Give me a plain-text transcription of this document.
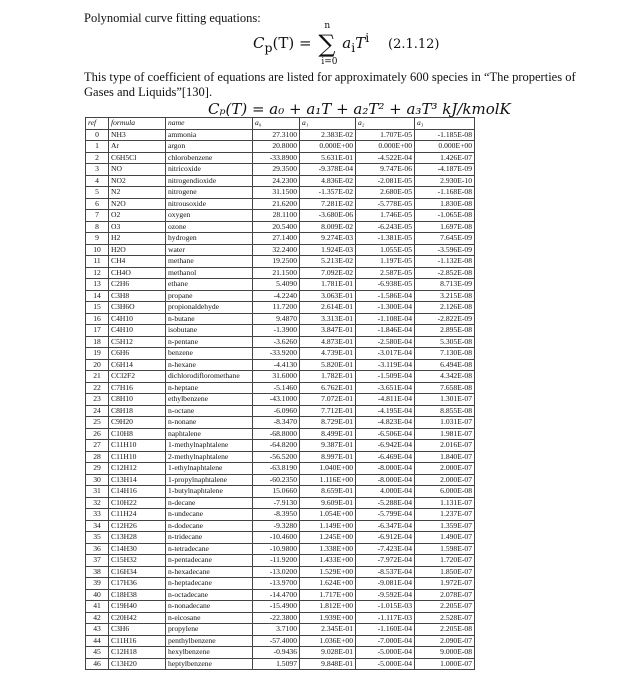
Polynomial curve fitting equations:
$C_p(T)$ = ∑
n
i=0
$a_iT^i$ (2.1.12)
This type of coefficient of equations are listed for approximately 600 species in “The properties of Gases and Liquids”[130].
Cₚ(T) = a₀ + a₁T + a₂T² + a₃T³ kJ/kmolK
ref	formula	name	a₀	a₁	a₂	a₃
0	NH3	ammonia	27.3100	2.383E-02	1.707E-05	-1.185E-08
1	Ar	argon	20.8000	0.000E+00	0.000E+00	0.000E+00
2	C6H5Cl	chlorobenzene	-33.8900	5.631E-01	-4.522E-04	1.426E-07
3	NO	nitricoxide	29.3500	-9.378E-04	9.747E-06	-4.187E-09
4	NO2	nitrogendioxide	24.2300	4.836E-02	-2.081E-05	2.930E-10
5	N2	nitrogene	31.1500	-1.357E-02	2.680E-05	-1.168E-08
6	N2O	nitrousoxide	21.6200	7.281E-02	-5.778E-05	1.830E-08
7	O2	oxygen	28.1100	-3.680E-06	1.746E-05	-1.065E-08
8	O3	ozone	20.5400	8.009E-02	-6.243E-05	1.697E-08
9	H2	hydrogen	27.1400	9.274E-03	-1.381E-05	7.645E-09
10	H2O	water	32.2400	1.924E-03	1.055E-05	-3.596E-09
11	CH4	methane	19.2500	5.213E-02	1.197E-05	-1.132E-08
12	CH4O	methanol	21.1500	7.092E-02	2.587E-05	-2.852E-08
13	C2H6	ethane	5.4090	1.781E-01	-6.938E-05	8.713E-09
14	C3H8	propane	-4.2240	3.063E-01	-1.586E-04	3.215E-08
15	C3H6O	propionaldehyde	11.7200	2.614E-01	-1.300E-04	2.126E-08
16	C4H10	n-butane	9.4870	3.313E-01	-1.108E-04	-2.822E-09
17	C4H10	isobutane	-1.3900	3.847E-01	-1.846E-04	2.895E-08
18	C5H12	n-pentane	-3.6260	4.873E-01	-2.580E-04	5.305E-08
19	C6H6	benzene	-33.9200	4.739E-01	-3.017E-04	7.130E-08
20	C6H14	n-hexane	-4.4130	5.820E-01	-3.119E-04	6.494E-08
21	CCl2F2	dichlorodifloromethane	31.6000	1.782E-01	-1.509E-04	4.342E-08
22	C7H16	n-heptane	-5.1460	6.762E-01	-3.651E-04	7.658E-08
23	C8H10	ethylbenzene	-43.1000	7.072E-01	-4.811E-04	1.301E-07
24	C8H18	n-octane	-6.0960	7.712E-01	-4.195E-04	8.855E-08
25	C9H20	n-nonane	-8.3470	8.729E-01	-4.823E-04	1.031E-07
26	C10H8	naphtalene	-68.8000	8.499E-01	-6.506E-04	1.981E-07
27	C11H10	1-methylnaphtalene	-64.8200	9.387E-01	-6.942E-04	2.016E-07
28	C11H10	2-methylnaphtalene	-56.5200	8.997E-01	-6.469E-04	1.840E-07
29	C12H12	1-ethylnaphtalene	-63.8190	1.040E+00	-8.000E-04	2.000E-07
30	C13H14	1-propylnaphtalene	-60.2350	1.116E+00	-8.000E-04	2.000E-07
31	C14H16	1-butylnaphtalene	15.0660	8.659E-01	4.000E-04	6.000E-08
32	C10H22	n-decane	-7.9130	9.609E-01	-5.288E-04	1.131E-07
33	C11H24	n-undecane	-8.3950	1.054E+00	-5.799E-04	1.237E-07
34	C12H26	n-dodecane	-9.3280	1.149E+00	-6.347E-04	1.359E-07
35	C13H28	n-tridecane	-10.4600	1.245E+00	-6.912E-04	1.490E-07
36	C14H30	n-tetradecane	-10.9800	1.338E+00	-7.423E-04	1.598E-07
37	C15H32	n-pentadecane	-11.9200	1.433E+00	-7.972E-04	1.720E-07
38	C16H34	n-hexadecane	-13.0200	1.529E+00	-8.537E-04	1.850E-07
39	C17H36	n-heptadecane	-13.9700	1.624E+00	-9.081E-04	1.972E-07
40	C18H38	n-octadecane	-14.4700	1.717E+00	-9.592E-04	2.078E-07
41	C19H40	n-nonadecane	-15.4900	1.812E+00	-1.015E-03	2.205E-07
42	C20H42	n-eicosane	-22.3800	1.939E+00	-1.117E-03	2.528E-07
43	C3H6	propylene	3.7100	2.345E-01	-1.160E-04	2.205E-08
44	C11H16	penthylbenzene	-57.4000	1.036E+00	-7.000E-04	2.090E-07
45	C12H18	hexylbenzene	-0.9436	9.028E-01	-5.000E-04	9.000E-08
46	C13H20	heptylbenzene	1.5097	9.848E-01	-5.000E-04	1.000E-07
